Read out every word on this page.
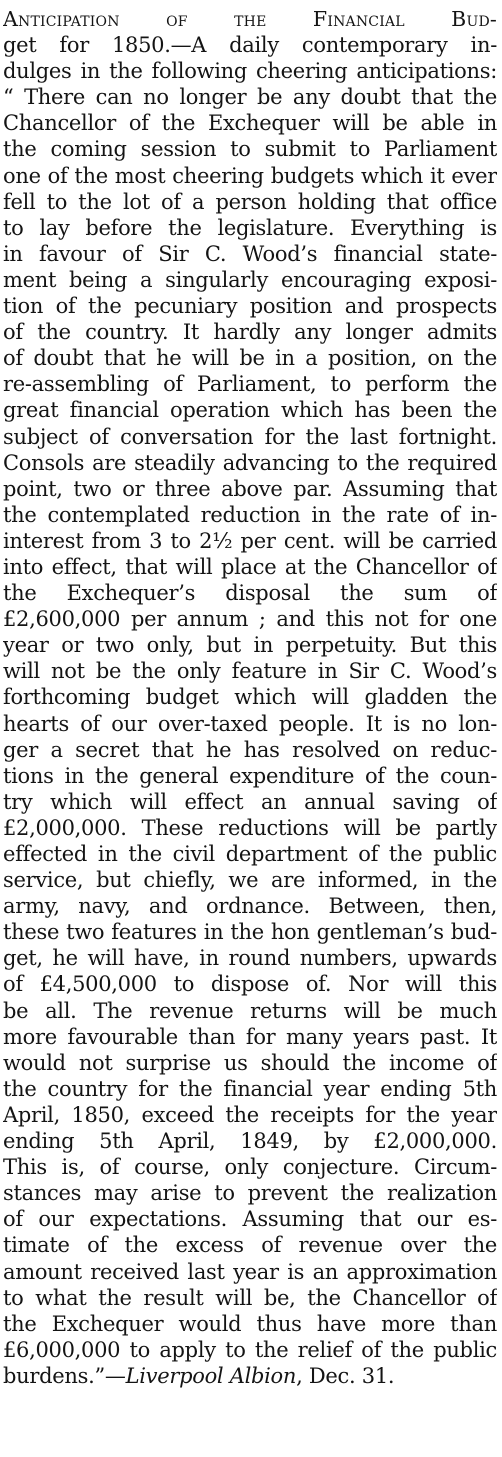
Anticipation of the Financial Bud-
get for 1850.—A daily contemporary in-
dulges in the following cheering anticipations:
“ There can no longer be any doubt that the
Chancellor of the Exchequer will be able in
the coming session to submit to Parliament
one of the most cheering budgets which it ever
fell to the lot of a person holding that office
to lay before the legislature. Everything is
in favour of Sir C. Wood’s financial state-
ment being a singularly encouraging exposi-
tion of the pecuniary position and prospects
of the country. It hardly any longer admits
of doubt that he will be in a position, on the
re-assembling of Parliament, to perform the
great financial operation which has been the
subject of conversation for the last fortnight.
Consols are steadily advancing to the required
point, two or three above par. Assuming that
the contemplated reduction in the rate of in-
interest from 3 to 2½ per cent. will be carried
into effect, that will place at the Chancellor of
the Exchequer’s disposal the sum of
£2,600,000 per annum ; and this not for one
year or two only, but in perpetuity. But this
will not be the only feature in Sir C. Wood’s
forthcoming budget which will gladden the
hearts of our over-taxed people. It is no lon-
ger a secret that he has resolved on reduc-
tions in the general expenditure of the coun-
try which will effect an annual saving of
£2,000,000. These reductions will be partly
effected in the civil department of the public
service, but chiefly, we are informed, in the
army, navy, and ordnance. Between, then,
these two features in the hon gentleman’s bud-
get, he will have, in round numbers, upwards
of £4,500,000 to dispose of. Nor will this
be all. The revenue returns will be much
more favourable than for many years past. It
would not surprise us should the income of
the country for the financial year ending 5th
April, 1850, exceed the receipts for the year
ending 5th April, 1849, by £2,000,000.
This is, of course, only conjecture. Circum-
stances may arise to prevent the realization
of our expectations. Assuming that our es-
timate of the excess of revenue over the
amount received last year is an approximation
to what the result will be, the Chancellor of
the Exchequer would thus have more than
£6,000,000 to apply to the relief of the public
burdens.”—Liverpool Albion, Dec. 31.
